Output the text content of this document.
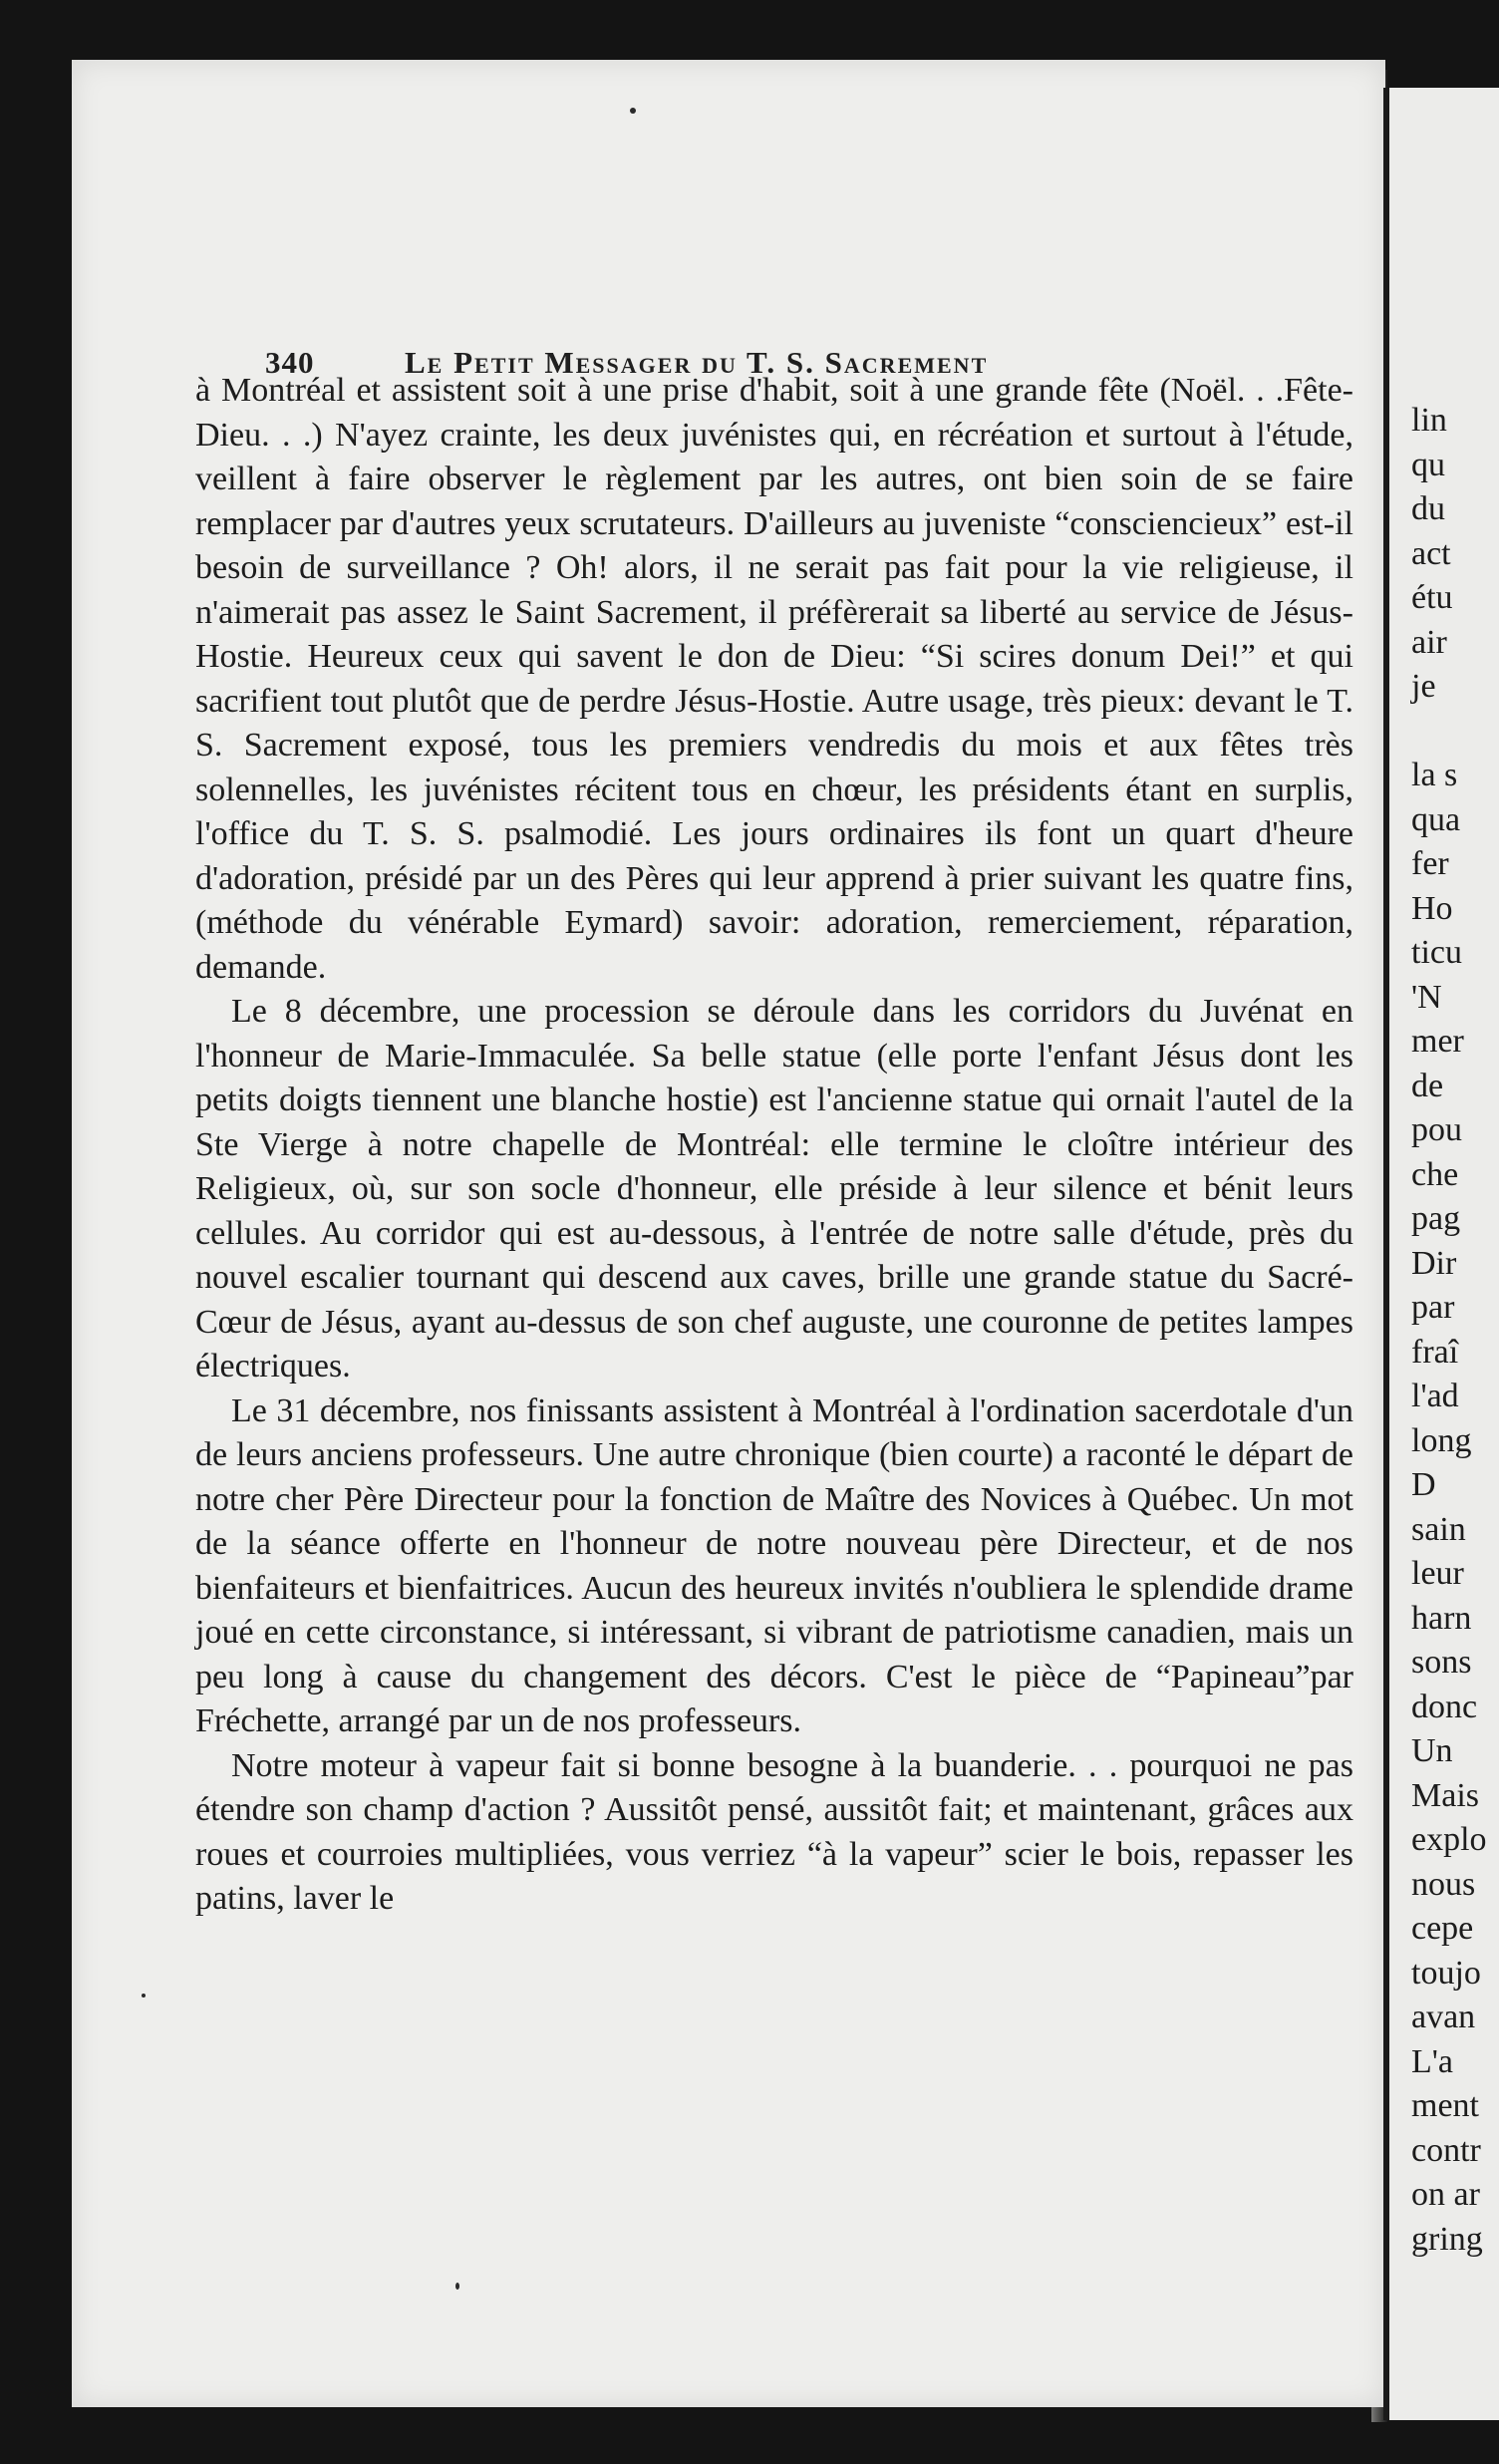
340	Le Petit Messager du T. S. Sacrement

à Montréal et assistent soit à une prise d'habit, soit à une grande fête (Noël. . .Fête-Dieu. . .) N'ayez crainte, les deux juvénistes qui, en récréation et surtout à l'étude, veillent à faire observer le règlement par les autres, ont bien soin de se faire remplacer par d'autres yeux scrutateurs. D'ailleurs au juveniste “consciencieux” est-il besoin de surveillance ? Oh! alors, il ne serait pas fait pour la vie religieuse, il n'aimerait pas assez le Saint Sacrement, il préfèrerait sa liberté au service de Jésus-Hostie. Heureux ceux qui savent le don de Dieu: “Si scires donum Dei!” et qui sacrifient tout plutôt que de perdre Jésus-Hostie. Autre usage, très pieux: devant le T. S. Sacrement exposé, tous les premiers vendredis du mois et aux fêtes très solennelles, les juvénistes récitent tous en chœur, les présidents étant en surplis, l'office du T. S. S. psalmodié. Les jours ordinaires ils font un quart d'heure d'adoration, présidé par un des Pères qui leur apprend à prier suivant les quatre fins, (méthode du vénérable Eymard) savoir: adoration, remerciement, réparation, demande.

Le 8 décembre, une procession se déroule dans les corridors du Juvénat en l'honneur de Marie-Immaculée. Sa belle statue (elle porte l'enfant Jésus dont les petits doigts tiennent une blanche hostie) est l'ancienne statue qui ornait l'autel de la Ste Vierge à notre chapelle de Montréal: elle termine le cloître intérieur des Religieux, où, sur son socle d'honneur, elle préside à leur silence et bénit leurs cellules. Au corridor qui est au-dessous, à l'entrée de notre salle d'étude, près du nouvel escalier tournant qui descend aux caves, brille une grande statue du Sacré-Cœur de Jésus, ayant au-dessus de son chef auguste, une couronne de petites lampes électriques.

Le 31 décembre, nos finissants assistent à Montréal à l'ordination sacerdotale d'un de leurs anciens professeurs. Une autre chronique (bien courte) a raconté le départ de notre cher Père Directeur pour la fonction de Maître des Novices à Québec. Un mot de la séance offerte en l'honneur de notre nouveau père Directeur, et de nos bienfaiteurs et bienfaitrices. Aucun des heureux invités n'oubliera le splendide drame joué en cette circonstance, si intéressant, si vibrant de patriotisme canadien, mais un peu long à cause du changement des décors. C'est le pièce de “Papineau”par Fréchette, arrangé par un de nos professeurs.

Notre moteur à vapeur fait si bonne besogne à la buanderie. . . pourquoi ne pas étendre son champ d'action ? Aussitôt pensé, aussitôt fait; et maintenant, grâces aux roues et courroies multipliées, vous verriez “à la vapeur” scier le bois, repasser les patins, laver le

lin
qu
du
act
étu
air
je
la s
qua
fer
Ho
ticu
'N
mer
de
pou
che
pag
Dir
par
fraî
l'ad
long
D
sain
leur
harn
sons
donc
Un
Mais
explo
nous
cepe
toujo
avan
L'a
ment
contr
on ar
gring
